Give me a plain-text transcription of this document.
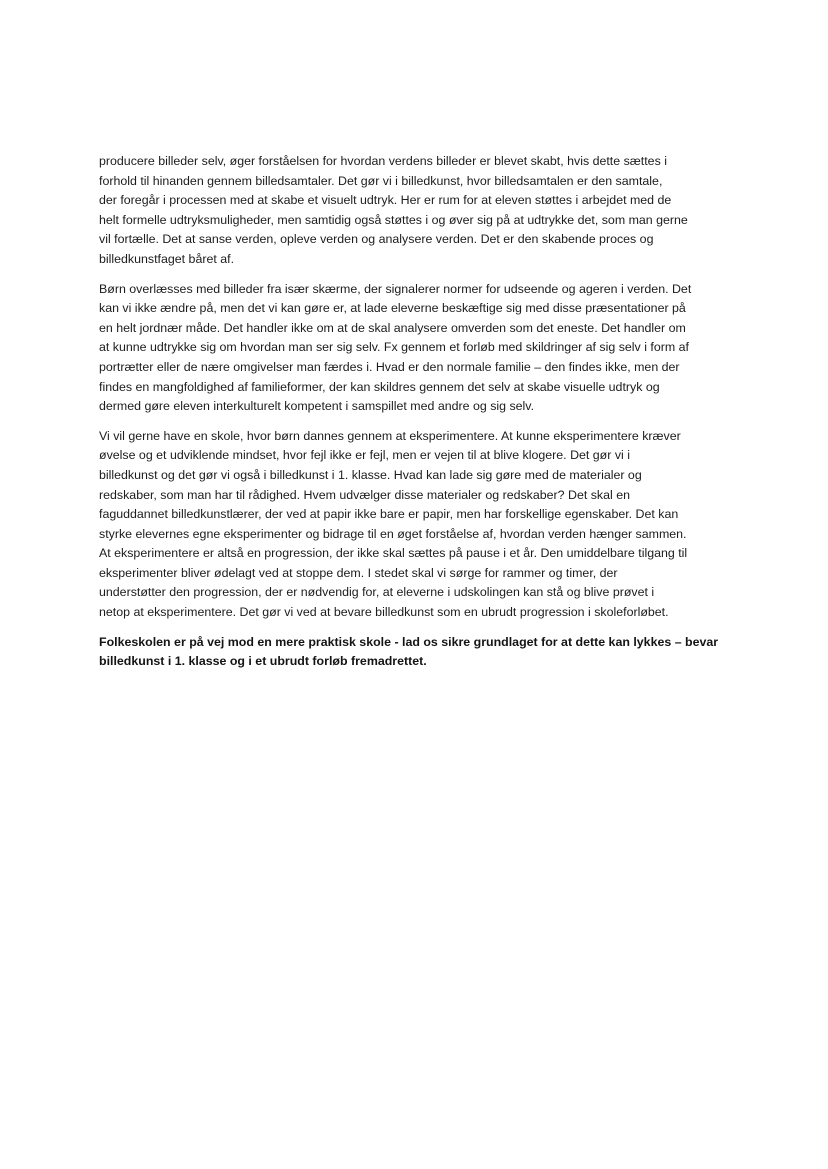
producere billeder selv, øger forståelsen for hvordan verdens billeder er blevet skabt, hvis dette sættes i
forhold til hinanden gennem billedsamtaler. Det gør vi i billedkunst, hvor billedsamtalen er den samtale,
der foregår i processen med at skabe et visuelt udtryk. Her er rum for at eleven støttes i arbejdet med de
helt formelle udtryksmuligheder, men samtidig også støttes i og øver sig på at udtrykke det, som man gerne
vil fortælle. Det at sanse verden, opleve verden og analysere verden. Det er den skabende proces og
billedkunstfaget båret af.

Børn overlæsses med billeder fra især skærme, der signalerer normer for udseende og ageren i verden. Det
kan vi ikke ændre på, men det vi kan gøre er, at lade eleverne beskæftige sig med disse præsentationer på
en helt jordnær måde. Det handler ikke om at de skal analysere omverden som det eneste. Det handler om
at kunne udtrykke sig om hvordan man ser sig selv. Fx gennem et forløb med skildringer af sig selv i form af
portrætter eller de nære omgivelser man færdes i. Hvad er den normale familie – den findes ikke, men der
findes en mangfoldighed af familieformer, der kan skildres gennem det selv at skabe visuelle udtryk og
dermed gøre eleven interkulturelt kompetent i samspillet med andre og sig selv.

Vi vil gerne have en skole, hvor børn dannes gennem at eksperimentere. At kunne eksperimentere kræver
øvelse og et udviklende mindset, hvor fejl ikke er fejl, men er vejen til at blive klogere. Det gør vi i
billedkunst og det gør vi også i billedkunst i 1. klasse. Hvad kan lade sig gøre med de materialer og
redskaber, som man har til rådighed. Hvem udvælger disse materialer og redskaber? Det skal en
faguddannet billedkunstlærer, der ved at papir ikke bare er papir, men har forskellige egenskaber. Det kan
styrke elevernes egne eksperimenter og bidrage til en øget forståelse af, hvordan verden hænger sammen.
At eksperimentere er altså en progression, der ikke skal sættes på pause i et år. Den umiddelbare tilgang til
eksperimenter bliver ødelagt ved at stoppe dem. I stedet skal vi sørge for rammer og timer, der
understøtter den progression, der er nødvendig for, at eleverne i udskolingen kan stå og blive prøvet i
netop at eksperimentere. Det gør vi ved at bevare billedkunst som en ubrudt progression i skoleforløbet.

Folkeskolen er på vej mod en mere praktisk skole - lad os sikre grundlaget for at dette kan lykkes – bevar
billedkunst i 1. klasse og i et ubrudt forløb fremadrettet.
